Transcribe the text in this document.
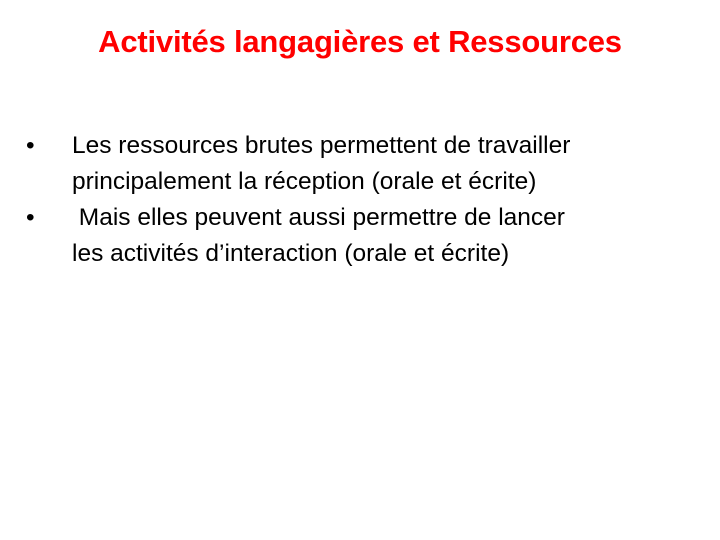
Activités langagières et Ressources
•	Les ressources brutes permettent de travailler
principalement la réception (orale et écrite)
•	Mais elles peuvent aussi permettre de lancer
les activités d’interaction (orale et écrite)
